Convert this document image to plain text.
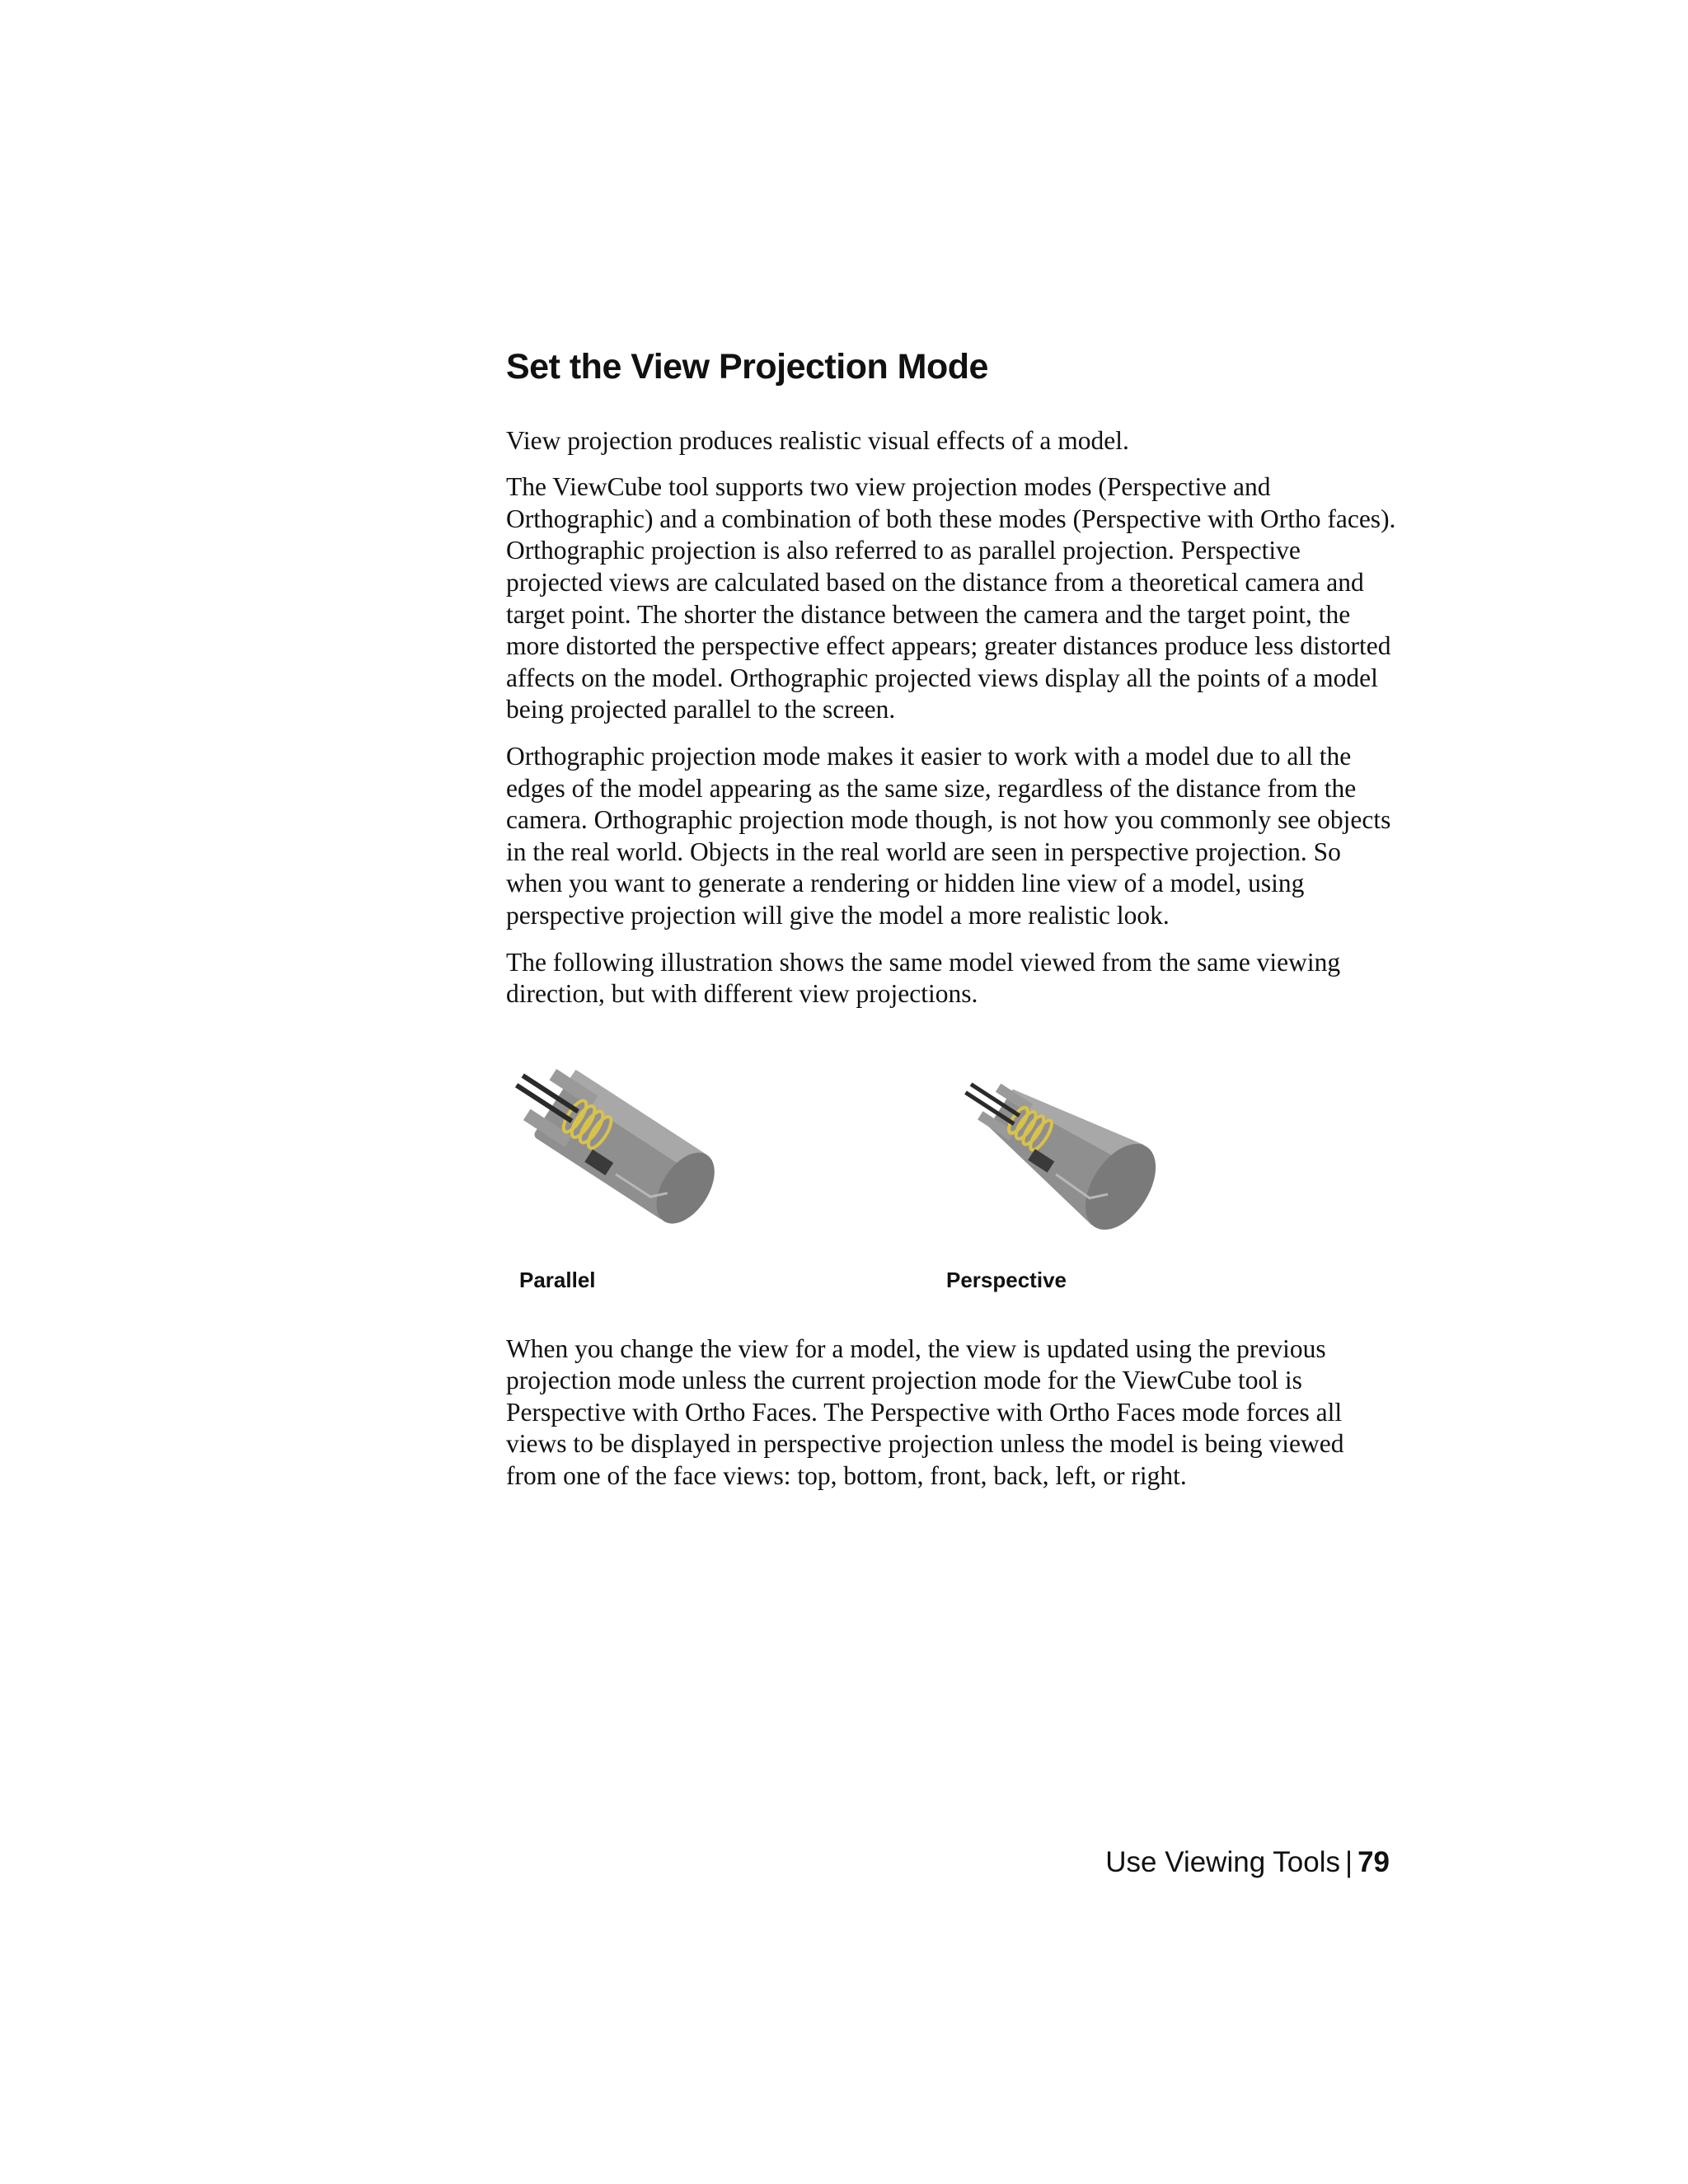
Set the View Projection Mode

View projection produces realistic visual effects of a model.

The ViewCube tool supports two view projection modes (Perspective and Orthographic) and a combination of both these modes (Perspective with Ortho faces). Orthographic projection is also referred to as parallel projection. Perspective projected views are calculated based on the distance from a theoretical camera and target point. The shorter the distance between the camera and the target point, the more distorted the perspective effect appears; greater distances produce less distorted affects on the model. Orthographic projected views display all the points of a model being projected parallel to the screen.

Orthographic projection mode makes it easier to work with a model due to all the edges of the model appearing as the same size, regardless of the distance from the camera. Orthographic projection mode though, is not how you commonly see objects in the real world. Objects in the real world are seen in perspective projection. So when you want to generate a rendering or hidden line view of a model, using perspective projection will give the model a more realistic look.

The following illustration shows the same model viewed from the same viewing direction, but with different view projections.

Parallel	Perspective

When you change the view for a model, the view is updated using the previous projection mode unless the current projection mode for the ViewCube tool is Perspective with Ortho Faces. The Perspective with Ortho Faces mode forces all views to be displayed in perspective projection unless the model is being viewed from one of the face views: top, bottom, front, back, left, or right.

Use Viewing Tools | 79
